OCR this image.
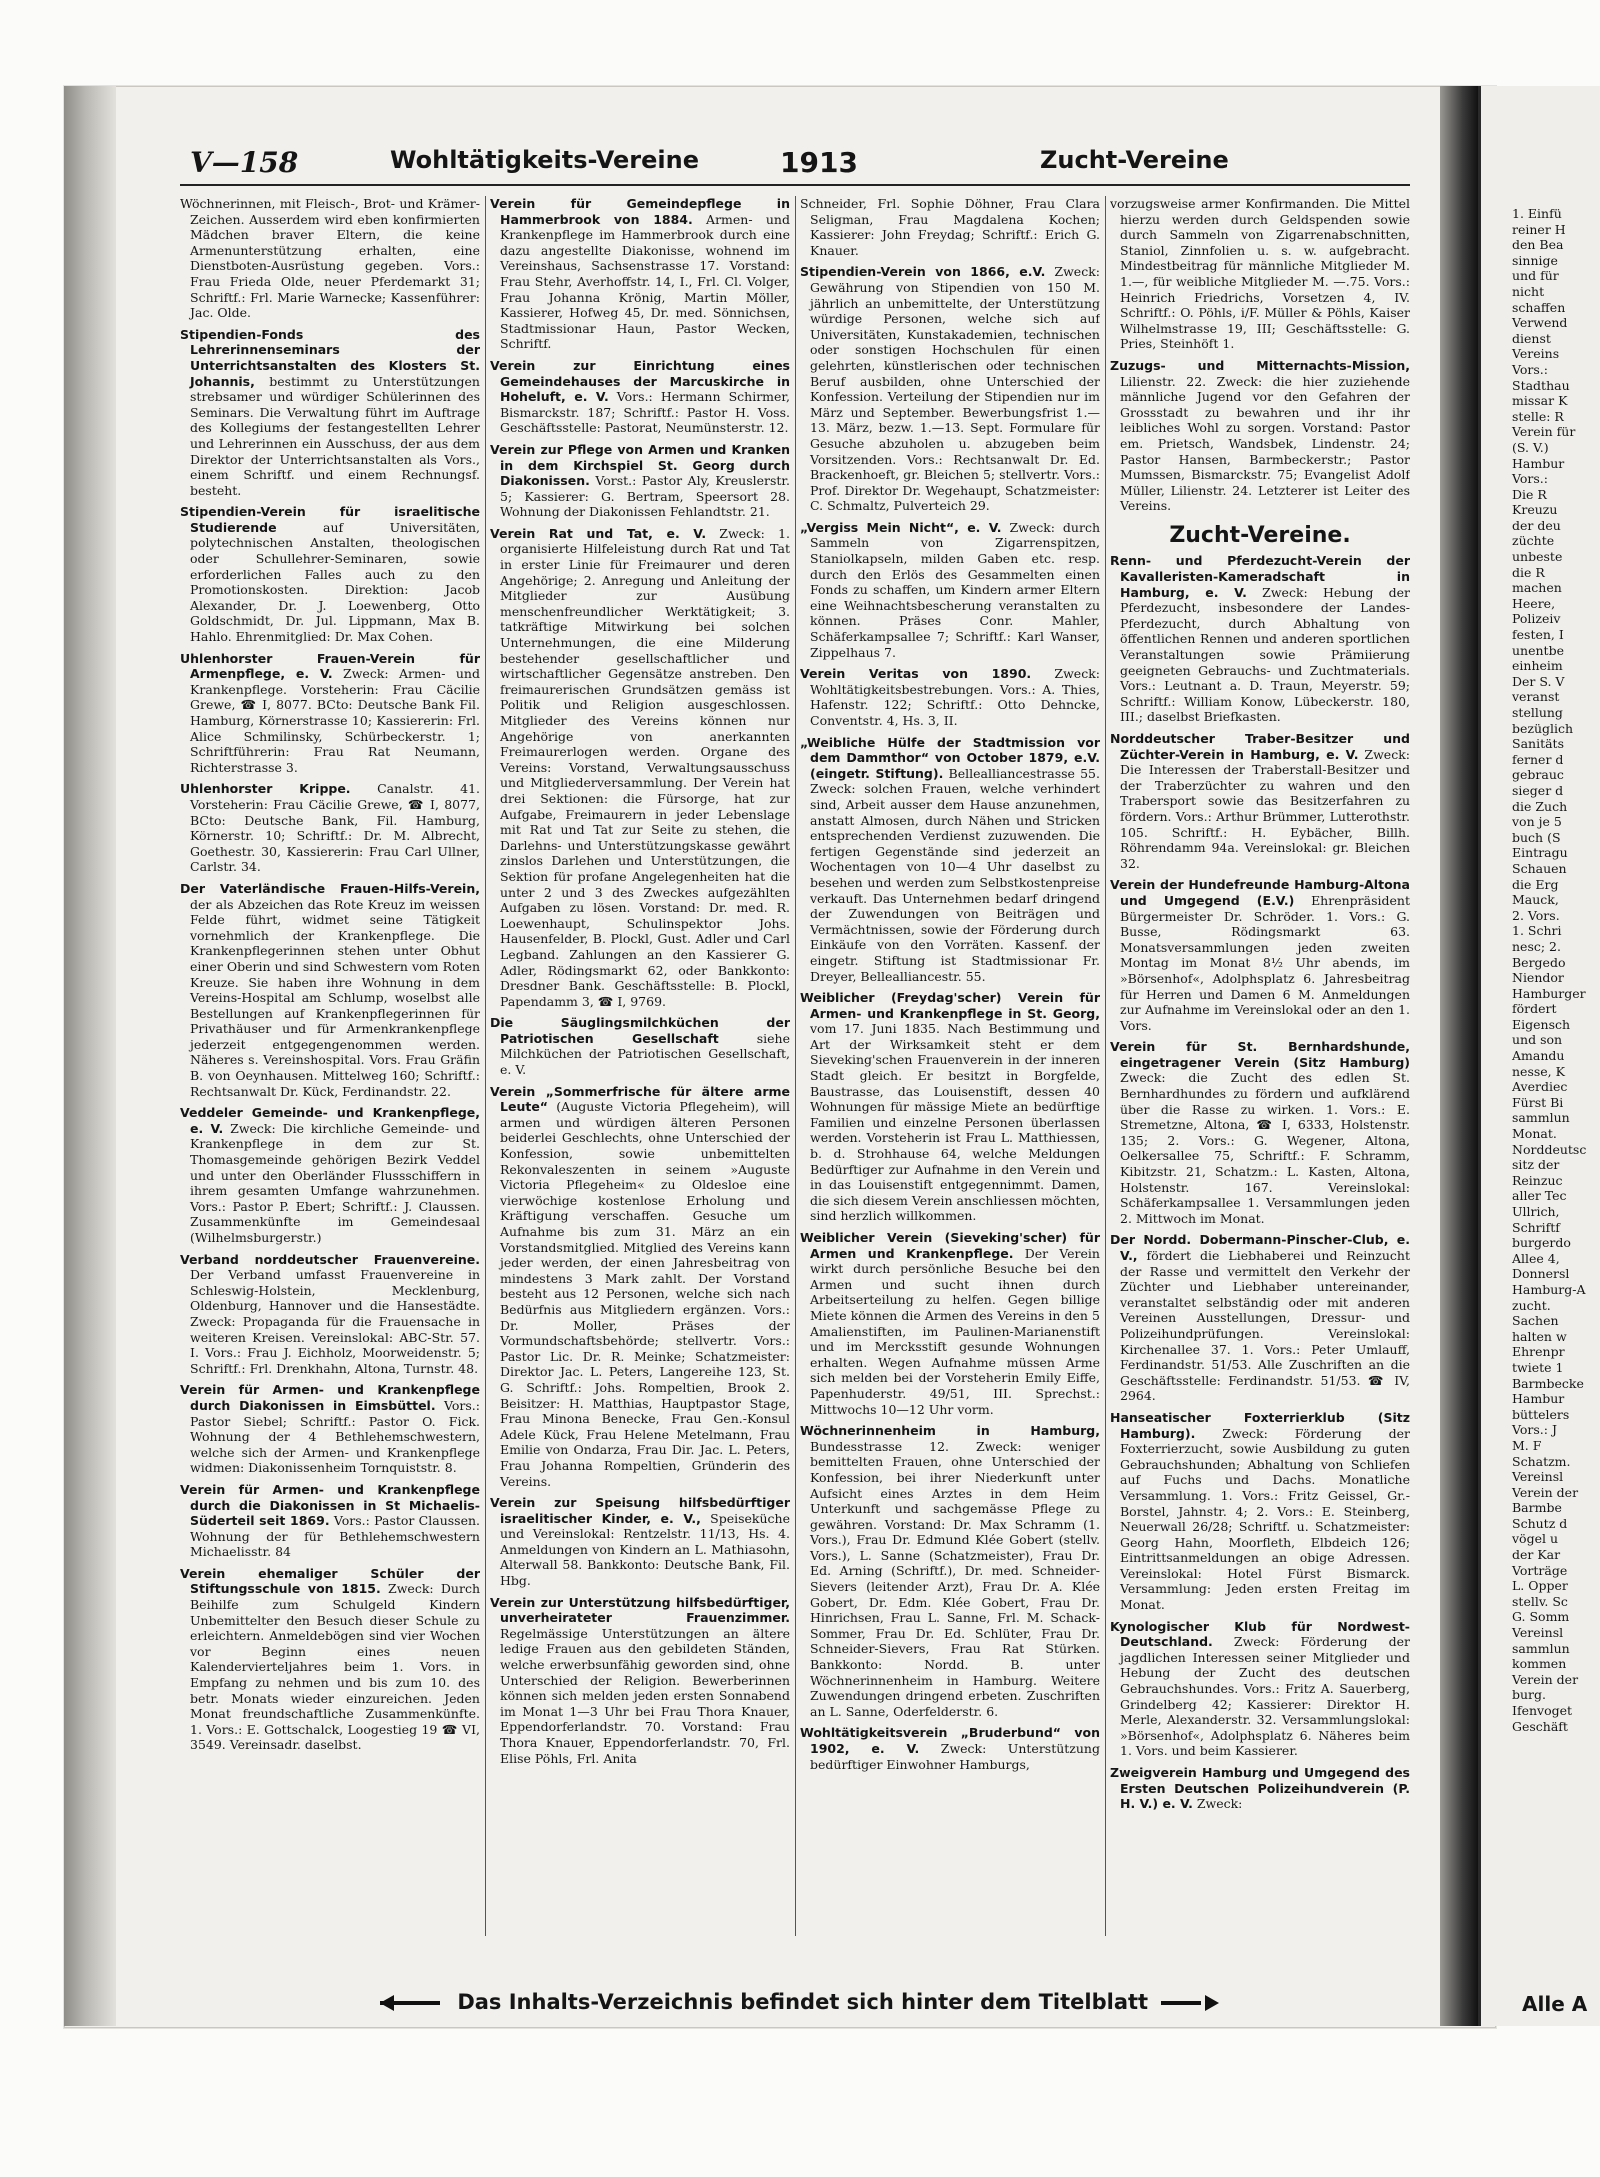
V—158	Wohltätigkeits-Vereine	1913	Zucht-Vereine

Wöchnerinnen, mit Fleisch-, Brot- und Krämer-Zeichen. Ausserdem wird eben konfirmierten Mädchen braver Eltern, die keine Armenunterstützung erhalten, eine Dienstboten-Ausrüstung gegeben. Vors.: Frau Frieda Olde, neuer Pferdemarkt 31; Schriftf.: Frl. Marie Warnecke; Kassenführer: Jac. Olde.

Stipendien-Fonds des Lehrerinnenseminars der Unterrichtsanstalten des Klosters St. Johannis, bestimmt zu Unterstützungen strebsamer und würdiger Schülerinnen des Seminars. Die Verwaltung führt im Auftrage des Kollegiums der festangestellten Lehrer und Lehrerinnen ein Ausschuss, der aus dem Direktor der Unterrichtsanstalten als Vors., einem Schriftf. und einem Rechnungsf. besteht.

Stipendien-Verein für israelitische Studierende	auf Universitäten, polytechnischen Anstalten, theologischen oder Schullehrer-Seminaren, sowie erforderlichen Falles auch zu den Promotionskosten. Direktion: Jacob Alexander, Dr. J. Loewenberg, Otto Goldschmidt, Dr. Jul. Lippmann, Max B. Hahlo. Ehrenmitglied: Dr. Max Cohen.

Uhlenhorster Frauen-Verein für Armenpflege, e. V. Zweck: Armen- und Krankenpflege. Vorsteherin: Frau Cäcilie Grewe, ☎ I, 8077. BCto: Deutsche Bank Fil. Hamburg, Körnerstrasse 10; Kassiererin: Frl. Alice Schmilinsky, Schürbeckerstr. 1; Schriftführerin: Frau Rat Neumann, Richterstrasse 3.

Uhlenhorster Krippe. Canalstr. 41. Vorsteherin: Frau Cäcilie Grewe, ☎ I, 8077, BCto: Deutsche Bank, Fil. Hamburg, Körnerstr. 10; Schriftf.: Dr. M. Albrecht, Goethestr. 30, Kassiererin: Frau Carl Ullner, Carlstr. 34.

Der Vaterländische Frauen-Hilfs-Verein, der als Abzeichen das Rote Kreuz im weissen Felde führt, widmet seine Tätigkeit vornehmlich der Krankenpflege. Die Krankenpflegerinnen stehen unter Obhut einer Oberin und sind Schwestern vom Roten Kreuze. Sie haben ihre Wohnung in dem Vereins-Hospital am Schlump, woselbst alle Bestellungen auf Krankenpflegerinnen für Privathäuser und für Armenkrankenpflege jederzeit entgegengenommen werden. Näheres s. Vereinshospital. Vors. Frau Gräfin B. von Oeynhausen. Mittelweg 160; Schriftf.: Rechtsanwalt Dr. Kück, Ferdinandstr. 22.

Veddeler Gemeinde- und Krankenpflege, e. V. Zweck: Die kirchliche Gemeinde- und Krankenpflege in dem zur St. Thomasgemeinde gehörigen Bezirk Veddel und unter den Oberländer Flussschiffern in ihrem gesamten Umfange wahrzunehmen. Vors.: Pastor P. Ebert; Schriftf.: J. Claussen. Zusammenkünfte im Gemeindesaal (Wilhelmsburgerstr.)

Verband norddeutscher Frauenvereine. Der Verband umfasst Frauenvereine in Schleswig-Holstein, Mecklenburg, Oldenburg, Hannover und die Hansestädte. Zweck: Propaganda für die Frauensache in weiteren Kreisen. Vereinslokal: ABC-Str. 57. I. Vors.: Frau J. Eichholz, Moorweidenstr. 5; Schriftf.: Frl. Drenkhahn, Altona, Turnstr. 48.

Verein für Armen- und Krankenpflege durch Diakonissen in Eimsbüttel. Vors.: Pastor Siebel; Schriftf.: Pastor O. Fick. Wohnung der 4 Bethlehemschwestern, welche sich der Armen- und Krankenpflege widmen: Diakonissenheim Tornquiststr. 8.

Verein für Armen- und Krankenpflege durch die Diakonissen in St Michaelis-Süderteil seit 1869. Vors.: Pastor Claussen. Wohnung der für Bethlehemschwestern Michaelisstr. 84

Verein ehemaliger Schüler der Stiftungsschule von 1815. Zweck: Durch Beihilfe zum Schulgeld Kindern Unbemittelter den Besuch dieser Schule zu erleichtern. Anmeldebögen sind vier Wochen vor Beginn eines neuen Kalendervierteljahres beim 1. Vors. in Empfang zu nehmen und bis zum 10. des betr. Monats wieder einzureichen. Jeden Monat freundschaftliche Zusammenkünfte. 1. Vors.: E. Gottschalck, Loogestieg 19 ☎ VI, 3549. Vereinsadr. daselbst.

Verein für Gemeindepflege in Hammerbrook von 1884. Armen- und Krankenpflege im Hammerbrook durch eine dazu angestellte Diakonisse, wohnend im Vereinshaus, Sachsenstrasse 17. Vorstand: Frau Stehr, Averhoffstr. 14, I., Frl. Cl. Volger, Frau Johanna Krönig, Martin Möller, Kassierer, Hofweg 45, Dr. med. Sönnichsen, Stadtmissionar Haun, Pastor Wecken, Schriftf.

Verein zur Einrichtung eines Gemeindehauses der Marcuskirche in Hoheluft, e. V. Vors.: Hermann Schirmer, Bismarckstr. 187; Schriftf.: Pastor H. Voss. Geschäftsstelle: Pastorat, Neumünsterstr. 12.

Verein zur Pflege von Armen und Kranken in dem Kirchspiel St. Georg durch Diakonissen. Vorst.: Pastor Aly, Kreuslerstr. 5; Kassierer: G. Bertram, Speersort 28. Wohnung der Diakonissen Fehlandtstr. 21.

Verein Rat und Tat, e. V. Zweck: 1. organisierte Hilfeleistung durch Rat und Tat in erster Linie für Freimaurer und deren Angehörige; 2. Anregung und Anleitung der Mitglieder zur Ausübung menschenfreundlicher Werktätigkeit; 3. tatkräftige Mitwirkung bei solchen Unternehmungen, die eine Milderung bestehender gesellschaftlicher und wirtschaftlicher Gegensätze anstreben. Den freimaurerischen Grundsätzen gemäss ist Politik und Religion ausgeschlossen. Mitglieder des Vereins können nur Angehörige von anerkannten Freimaurerlogen werden. Organe des Vereins: Vorstand, Verwaltungsausschuss und Mitgliederversammlung. Der Verein hat drei Sektionen: die Fürsorge, hat zur Aufgabe, Freimaurern in jeder Lebenslage mit Rat und Tat zur Seite zu stehen, die Darlehns- und Unterstützungskasse gewährt zinslos Darlehen und Unterstützungen, die Sektion für profane Angelegenheiten hat die unter 2 und 3 des Zweckes aufgezählten Aufgaben zu lösen. Vorstand: Dr. med. R. Loewenhaupt, Schulinspektor Johs. Hausenfelder, B. Plockl, Gust. Adler und Carl Legband. Zahlungen an den Kassierer G. Adler, Rödingsmarkt 62, oder Bankkonto: Dresdner Bank. Geschäftsstelle: B. Plockl, Papendamm 3, ☎ I, 9769.

Die Säuglingsmilchküchen der Patriotischen Gesellschaft	siehe Milchküchen der Patriotischen Gesellschaft, e. V.

Verein „Sommerfrische für ältere arme Leute“ (Auguste Victoria Pflegeheim), will armen und würdigen älteren Personen beiderlei Geschlechts, ohne Unterschied der Konfession, sowie unbemittelten Rekonvaleszenten in seinem »Auguste Victoria Pflegeheim« zu Oldesloe eine vierwöchige kostenlose Erholung und Kräftigung verschaffen. Gesuche um Aufnahme bis zum 31. März an ein Vorstandsmitglied. Mitglied des Vereins kann jeder werden, der einen Jahresbeitrag von mindestens 3 Mark zahlt. Der Vorstand besteht aus 12 Personen, welche sich nach Bedürfnis aus Mitgliedern ergänzen. Vors.: Dr. Moller, Präses der Vormundschaftsbehörde; stellvertr. Vors.: Pastor Lic. Dr. R. Meinke; Schatzmeister: Direktor Jac. L. Peters, Langereihe 123, St. G. Schriftf.: Johs. Rompeltien, Brook 2. Beisitzer: H. Matthias, Hauptpastor Stage, Frau Minona Benecke, Frau Gen.-Konsul Adele Kück, Frau Helene Metelmann, Frau Emilie von Ondarza, Frau Dir. Jac. L. Peters, Frau Johanna Rompeltien, Gründerin des Vereins.

Verein zur Speisung hilfsbedürftiger israelitischer Kinder, e. V., Speiseküche und Vereinslokal: Rentzelstr. 11/13, Hs. 4. Anmeldungen von Kindern an L. Mathiasohn, Alterwall 58. Bankkonto: Deutsche Bank, Fil. Hbg.

Verein zur Unterstützung hilfsbedürftiger, unverheirateter Frauenzimmer. Regelmässige Unterstützungen an ältere ledige Frauen aus den gebildeten Ständen, welche erwerbsunfähig geworden sind, ohne Unterschied der Religion. Bewerberinnen können sich melden jeden ersten Sonnabend im Monat 1—3 Uhr bei Frau Thora Knauer, Eppendorferlandstr. 70. Vorstand: Frau Thora Knauer, Eppendorferlandstr. 70, Frl. Elise Pöhls, Frl. Anita

Schneider, Frl. Sophie Döhner, Frau Clara Seligman, Frau Magdalena Kochen; Kassierer: John Freydag; Schriftf.: Erich G. Knauer.

Stipendien-Verein von 1866, e.V. Zweck: Gewährung von Stipendien von 150 M. jährlich an unbemittelte, der Unterstützung würdige Personen, welche sich auf Universitäten, Kunstakademien, technischen oder sonstigen Hochschulen für einen gelehrten, künstlerischen oder technischen Beruf ausbilden, ohne Unterschied der Konfession. Verteilung der Stipendien nur im März und September. Bewerbungsfrist 1.—13. März, bezw. 1.—13. Sept. Formulare für Gesuche abzuholen u. abzugeben beim Vorsitzenden. Vors.: Rechtsanwalt Dr. Ed. Brackenhoeft, gr. Bleichen 5; stellvertr. Vors.: Prof. Direktor Dr. Wegehaupt, Schatzmeister: C. Schmaltz, Pulverteich 29.

„Vergiss Mein Nicht“, e. V. Zweck: durch Sammeln von Zigarrenspitzen, Staniolkapseln, milden Gaben etc. resp. durch den Erlös des Gesammelten einen Fonds zu schaffen, um Kindern armer Eltern eine Weihnachtsbescherung veranstalten zu können. Präses Conr. Mahler, Schäferkampsallee 7; Schriftf.: Karl Wanser, Zippelhaus 7.

Verein Veritas von 1890. Zweck: Wohltätigkeitsbestrebungen. Vors.: A. Thies, Hafenstr. 122; Schriftf.: Otto Dehncke, Conventstr. 4, Hs. 3, II.

„Weibliche Hülfe der Stadtmission vor dem Dammthor“ von October 1879, e.V. (eingetr. Stiftung). Bellealliancestrasse 55. Zweck: solchen Frauen, welche verhindert sind, Arbeit ausser dem Hause anzunehmen, anstatt Almosen, durch Nähen und Stricken entsprechenden Verdienst zuzuwenden. Die fertigen Gegenstände sind jederzeit an Wochentagen von 10—4 Uhr daselbst zu besehen und werden zum Selbstkostenpreise verkauft. Das Unternehmen bedarf dringend der Zuwendungen von Beiträgen und Vermächtnissen, sowie der Förderung durch Einkäufe von den Vorräten. Kassenf. der eingetr. Stiftung ist Stadtmissionar Fr. Dreyer, Bellealliancestr. 55.

Weiblicher (Freydag'scher) Verein für Armen- und Krankenpflege in St. Georg, vom 17. Juni 1835. Nach Bestimmung und Art der Wirksamkeit steht er dem Sieveking'schen Frauenverein in der inneren Stadt gleich. Er besitzt in Borgfelde, Baustrasse, das Louisenstift, dessen 40 Wohnungen für mässige Miete an bedürftige Familien und einzelne Personen überlassen werden. Vorsteherin ist Frau L. Matthiessen, b. d. Strohhause 64, welche Meldungen Bedürftiger zur Aufnahme in den Verein und in das Louisenstift entgegennimmt. Damen, die sich diesem Verein anschliessen möchten, sind herzlich willkommen.

Weiblicher Verein (Sieveking'scher) für Armen und Krankenpflege. Der Verein wirkt durch persönliche Besuche bei den Armen und sucht ihnen durch Arbeitserteilung zu helfen. Gegen billige Miete können die Armen des Vereins in den 5 Amalienstiften, im Paulinen-Marianenstift und im Mercksstift gesunde Wohnungen erhalten. Wegen Aufnahme müssen Arme sich melden bei der Vorsteherin Emily Eiffe, Papenhuderstr. 49/51, III. Sprechst.: Mittwochs 10—12 Uhr vorm.

Wöchnerinnenheim in Hamburg, Bundesstrasse 12. Zweck: weniger bemittelten Frauen, ohne Unterschied der Konfession, bei ihrer Niederkunft unter Aufsicht eines Arztes in dem Heim Unterkunft und sachgemässe Pflege zu gewähren. Vorstand: Dr. Max Schramm (1. Vors.), Frau Dr. Edmund Klée Gobert (stellv. Vors.), L. Sanne (Schatzmeister), Frau Dr. Ed. Arning (Schriftf.), Dr. med. Schneider-Sievers (leitender Arzt), Frau Dr. A. Klée Gobert, Dr. Edm. Klée Gobert, Frau Dr. Hinrichsen, Frau L. Sanne, Frl. M. Schack-Sommer, Frau Dr. Ed. Schlüter, Frau Dr. Schneider-Sievers, Frau Rat Stürken. Bankkonto: Nordd. B. unter Wöchnerinnenheim in Hamburg. Weitere Zuwendungen dringend erbeten. Zuschriften an L. Sanne, Oderfelderstr. 6.

Wohltätigkeitsverein „Bruderbund“ von 1902, e. V. Zweck: Unterstützung bedürftiger Einwohner Hamburgs,

vorzugsweise armer Konfirmanden. Die Mittel hierzu werden durch Geldspenden sowie durch Sammeln von Zigarrenabschnitten, Staniol, Zinnfolien u. s. w. aufgebracht. Mindestbeitrag für männliche Mitglieder M. 1.—, für weibliche Mitglieder M. —.75. Vors.: Heinrich Friedrichs, Vorsetzen 4, IV. Schriftf.: O. Pöhls, i/F. Müller & Pöhls, Kaiser Wilhelmstrasse 19, III; Geschäftsstelle: G. Pries, Steinhöft 1.

Zuzugs- und Mitternachts-Mission, Lilienstr. 22. Zweck: die hier zuziehende männliche Jugend vor den Gefahren der Grossstadt zu bewahren und ihr ihr leibliches Wohl zu sorgen. Vorstand: Pastor em. Prietsch, Wandsbek, Lindenstr. 24; Pastor Hansen, Barmbeckerstr.; Pastor Mumssen, Bismarckstr. 75; Evangelist Adolf Müller, Lilienstr. 24. Letzterer ist Leiter des Vereins.

Zucht-Vereine.

Renn- und Pferdezucht-Verein der Kavalleristen-Kameradschaft in Hamburg, e. V. Zweck: Hebung der Pferdezucht, insbesondere der Landes-Pferdezucht, durch Abhaltung von öffentlichen Rennen und anderen sportlichen Veranstaltungen sowie Prämiierung geeigneten Gebrauchs- und Zuchtmaterials. Vors.: Leutnant a. D. Traun, Meyerstr. 59; Schriftf.: William Konow, Lübeckerstr. 180, III.; daselbst Briefkasten.

Norddeutscher Traber-Besitzer und Züchter-Verein in Hamburg, e. V. Zweck: Die Interessen der Traberstall-Besitzer und der Traberzüchter zu wahren und den Trabersport sowie das Besitzerfahren zu fördern. Vors.: Arthur Brümmer, Lutterothstr. 105. Schriftf.: H. Eybächer, Billh. Röhrendamm 94a. Vereinslokal: gr. Bleichen 32.

Verein der Hundefreunde Hamburg-Altona und Umgegend (E.V.) Ehrenpräsident Bürgermeister Dr. Schröder. 1. Vors.: G. Busse, Rödingsmarkt 63. Monatsversammlungen jeden zweiten Montag im Monat 8½ Uhr abends, im »Börsenhof«, Adolphsplatz 6. Jahresbeitrag für Herren und Damen 6 M. Anmeldungen zur Aufnahme im Vereinslokal oder an den 1. Vors.

Verein für St. Bernhardshunde, eingetragener Verein (Sitz Hamburg) Zweck: die Zucht des edlen St. Bernhardhundes zu fördern und aufklärend über die Rasse zu wirken. 1. Vors.: E. Stremetzne, Altona, ☎ I, 6333, Holstenstr. 135; 2. Vors.: G. Wegener, Altona, Oelkersallee 75, Schriftf.: F. Schramm, Kibitzstr. 21, Schatzm.: L. Kasten, Altona, Holstenstr. 167. Vereinslokal: Schäferkampsallee 1. Versammlungen jeden 2. Mittwoch im Monat.

Der Nordd. Dobermann-Pinscher-Club, e. V., fördert die Liebhaberei und Reinzucht der Rasse und vermittelt den Verkehr der Züchter und Liebhaber untereinander, veranstaltet selbständig oder mit anderen Vereinen Ausstellungen, Dressur- und Polizeihundprüfungen. Vereinslokal: Kirchenallee 37. 1. Vors.: Peter Umlauff, Ferdinandstr. 51/53. Alle Zuschriften an die Geschäftsstelle: Ferdinandstr. 51/53. ☎ IV, 2964.

Hanseatischer Foxterrierklub (Sitz Hamburg). Zweck: Förderung der Foxterrierzucht, sowie Ausbildung zu guten Gebrauchshunden; Abhaltung von Schliefen auf Fuchs und Dachs. Monatliche Versammlung. 1. Vors.: Fritz Geissel, Gr.-Borstel, Jahnstr. 4; 2. Vors.: E. Steinberg, Neuerwall 26/28; Schriftf. u. Schatzmeister: Georg Hahn, Moorfleth, Elbdeich 126; Eintrittsanmeldungen an obige Adressen. Vereinslokal: Hotel Fürst Bismarck. Versammlung: Jeden ersten Freitag im Monat.

Kynologischer Klub für Nordwest-Deutschland. Zweck: Förderung der jagdlichen Interessen seiner Mitglieder und Hebung der Zucht des deutschen Gebrauchshundes. Vors.: Fritz A. Sauerberg, Grindelberg 42; Kassierer: Direktor H. Merle, Alexanderstr. 32. Versammlungslokal: »Börsenhof«, Adolphsplatz 6. Näheres beim 1. Vors. und beim Kassierer.

Zweigverein Hamburg und Umgegend des Ersten Deutschen Polizeihundverein (P. H. V.) e. V. Zweck:

Das Inhalts-Verzeichnis befindet sich hinter dem Titelblatt
1. Einfü
reiner H
den Bea
sinnige
und für
nicht
schaffen
Verwend
dienst
Vereins
Vors.:
Stadthau
missar K
stelle: R
Verein für
(S. V.)
Hambur
Vors.:
Die R
Kreuzu
der deu
züchte
unbeste
die R
machen
Heere,
Polizeiv
festen, I
unentbe
einheim
Der S. V
veranst
stellung
bezüglich
Sanitäts
ferner d
gebrauc
sieger d
die Zuch
von je 5
buch (S
Eintragu
Schauen
die Erg
Mauck,
2. Vors.
1. Schri
nesc; 2.
Bergedo
Niendor
Hamburger
fördert
Eigensch
und son
Amandu
nesse, K
Averdiec
Fürst Bi
sammlun
Monat.
Norddeutsc
sitz der
Reinzuc
aller Tec
Ullrich,
Schriftf
burgerdo
Allee 4,
Donnersl
Hamburg-A
zucht.
Sachen
halten w
Ehrenpr
twiete 1
Barmbecke
Hambur
büttelers
Vors.: J
M. F
Schatzm.
Vereinsl
Verein der
Barmbe
Schutz d
vögel u
der Kar
Vorträge
L. Opper
stellv. Sc
G. Somm
Vereinsl
sammlun
kommen
Verein der
burg.
Ifenvoget
Geschäft
Alle A
